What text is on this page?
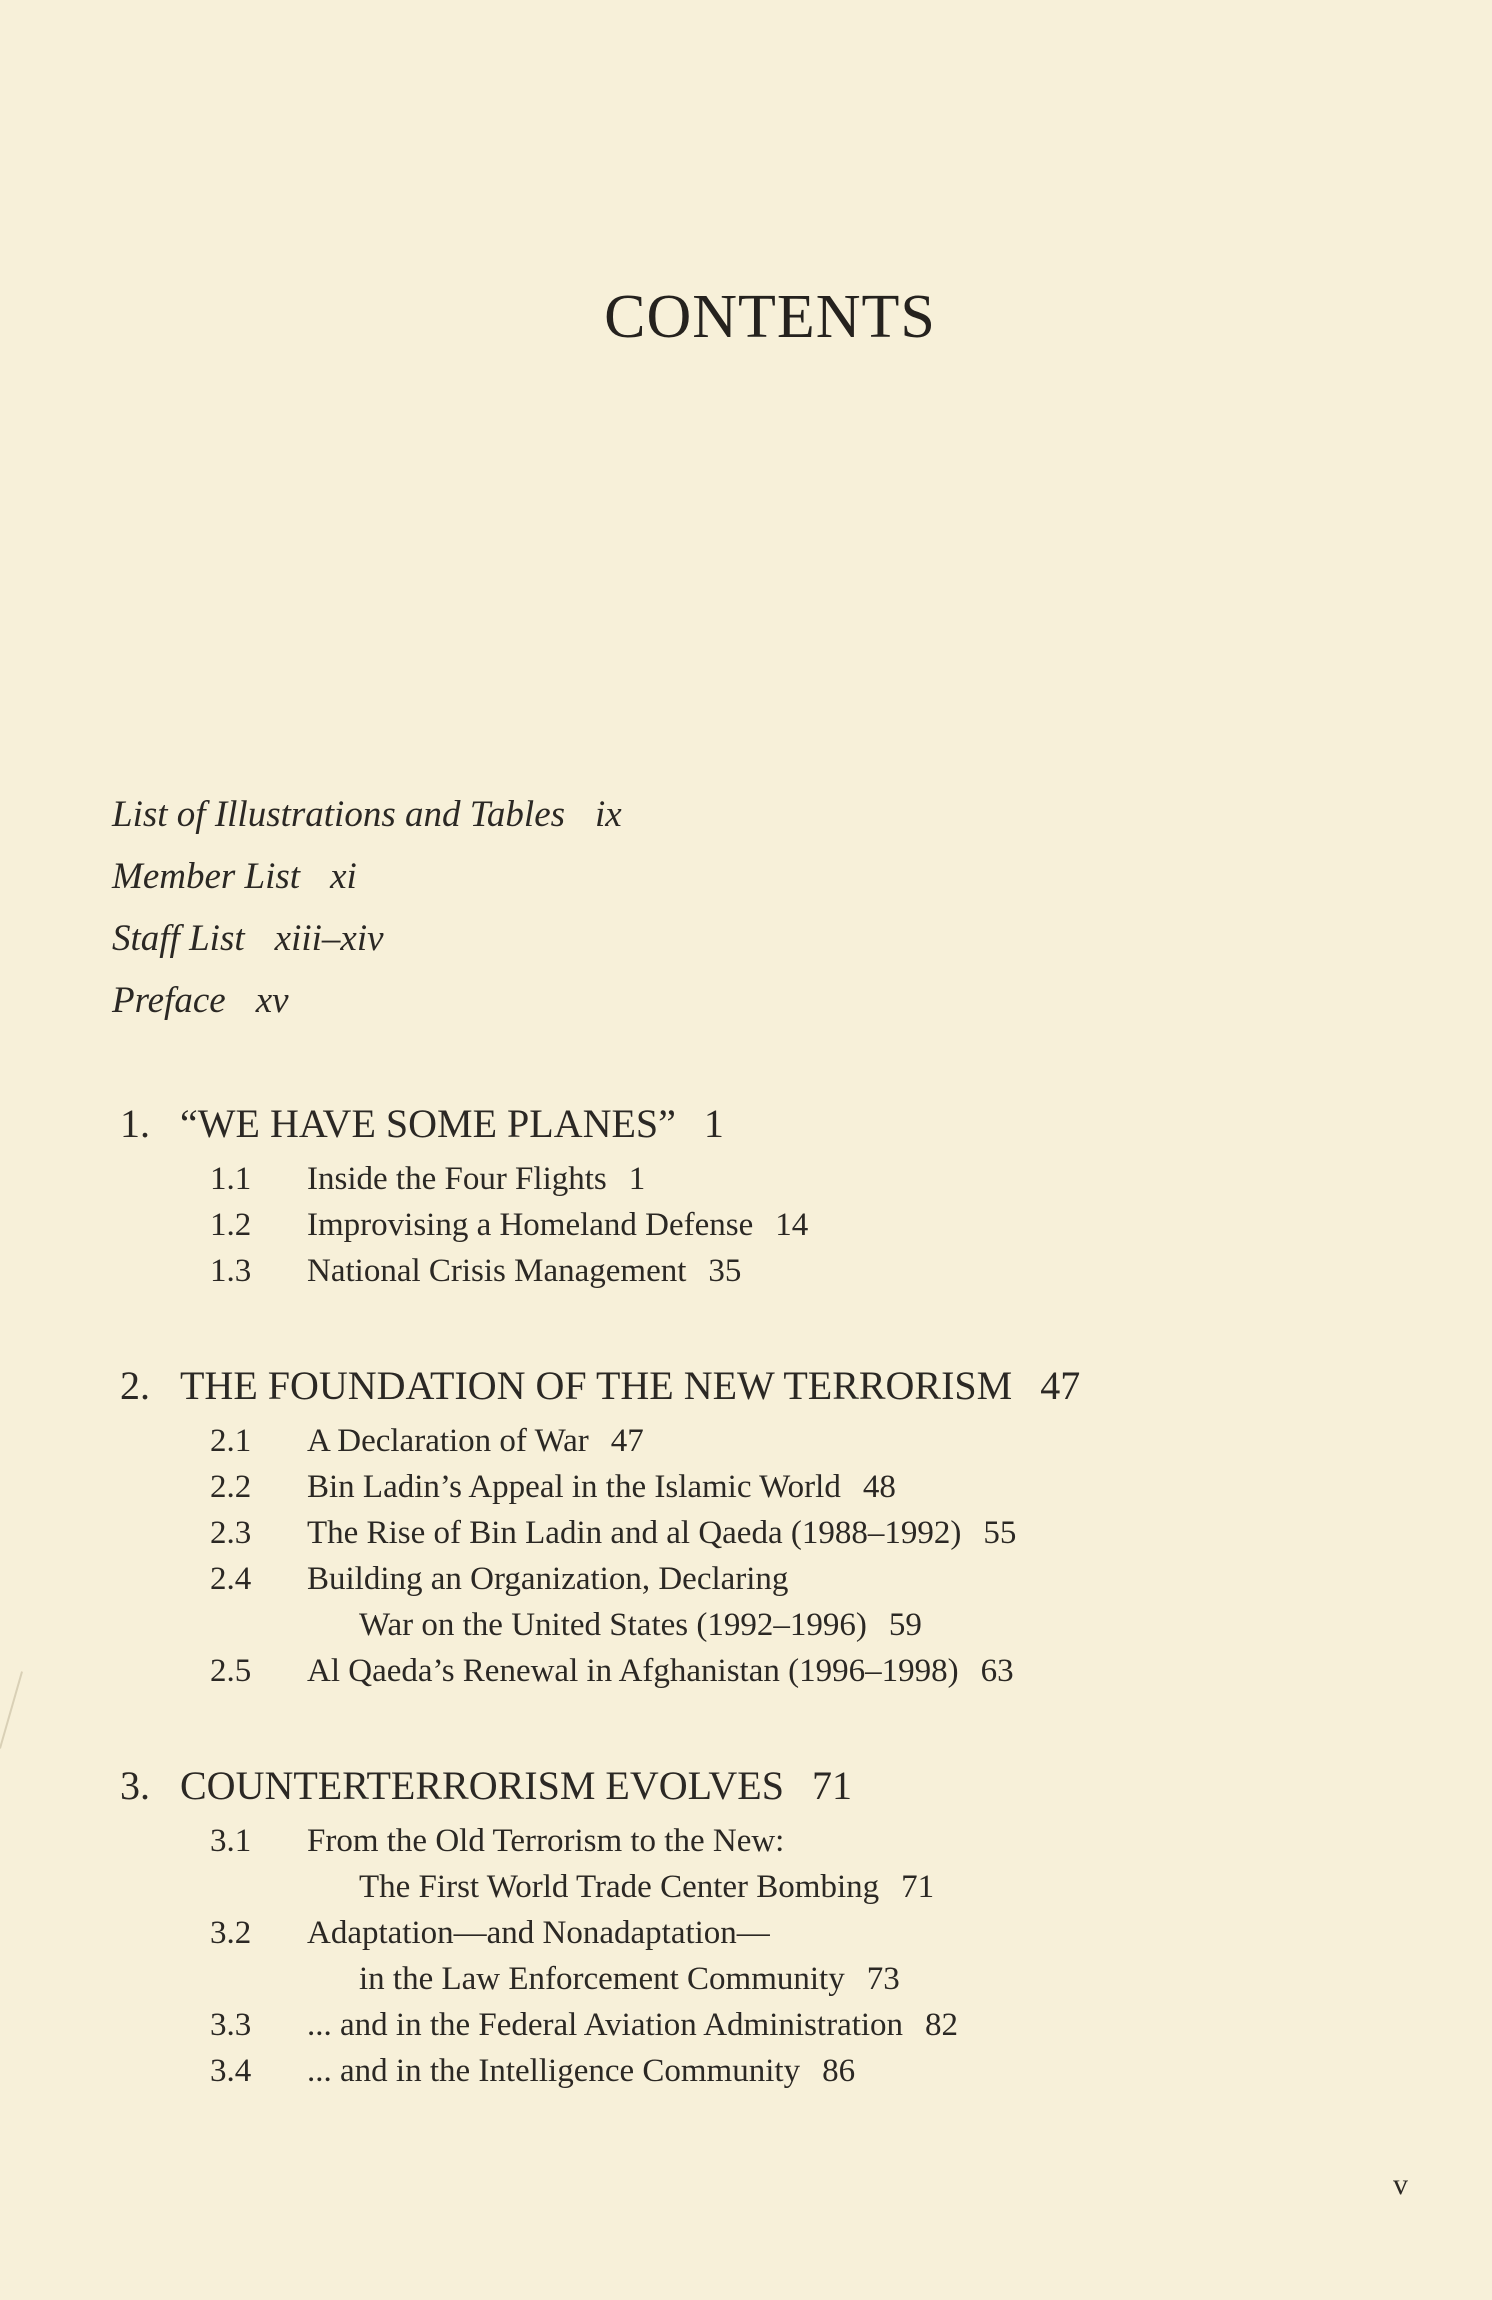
CONTENTS
List of Illustrations and Tables ix
Member List xi
Staff List xiii–xiv
Preface xv
1. “WE HAVE SOME PLANES” 1
1.1 Inside the Four Flights 1
1.2 Improvising a Homeland Defense 14
1.3 National Crisis Management 35
2. THE FOUNDATION OF THE NEW TERRORISM 47
2.1 A Declaration of War 47
2.2 Bin Ladin’s Appeal in the Islamic World 48
2.3 The Rise of Bin Ladin and al Qaeda (1988–1992) 55
2.4 Building an Organization, Declaring
War on the United States (1992–1996) 59
2.5 Al Qaeda’s Renewal in Afghanistan (1996–1998) 63
3. COUNTERTERRORISM EVOLVES 71
3.1 From the Old Terrorism to the New:
The First World Trade Center Bombing 71
3.2 Adaptation—and Nonadaptation—
in the Law Enforcement Community 73
3.3 ... and in the Federal Aviation Administration 82
3.4 ... and in the Intelligence Community 86
v
